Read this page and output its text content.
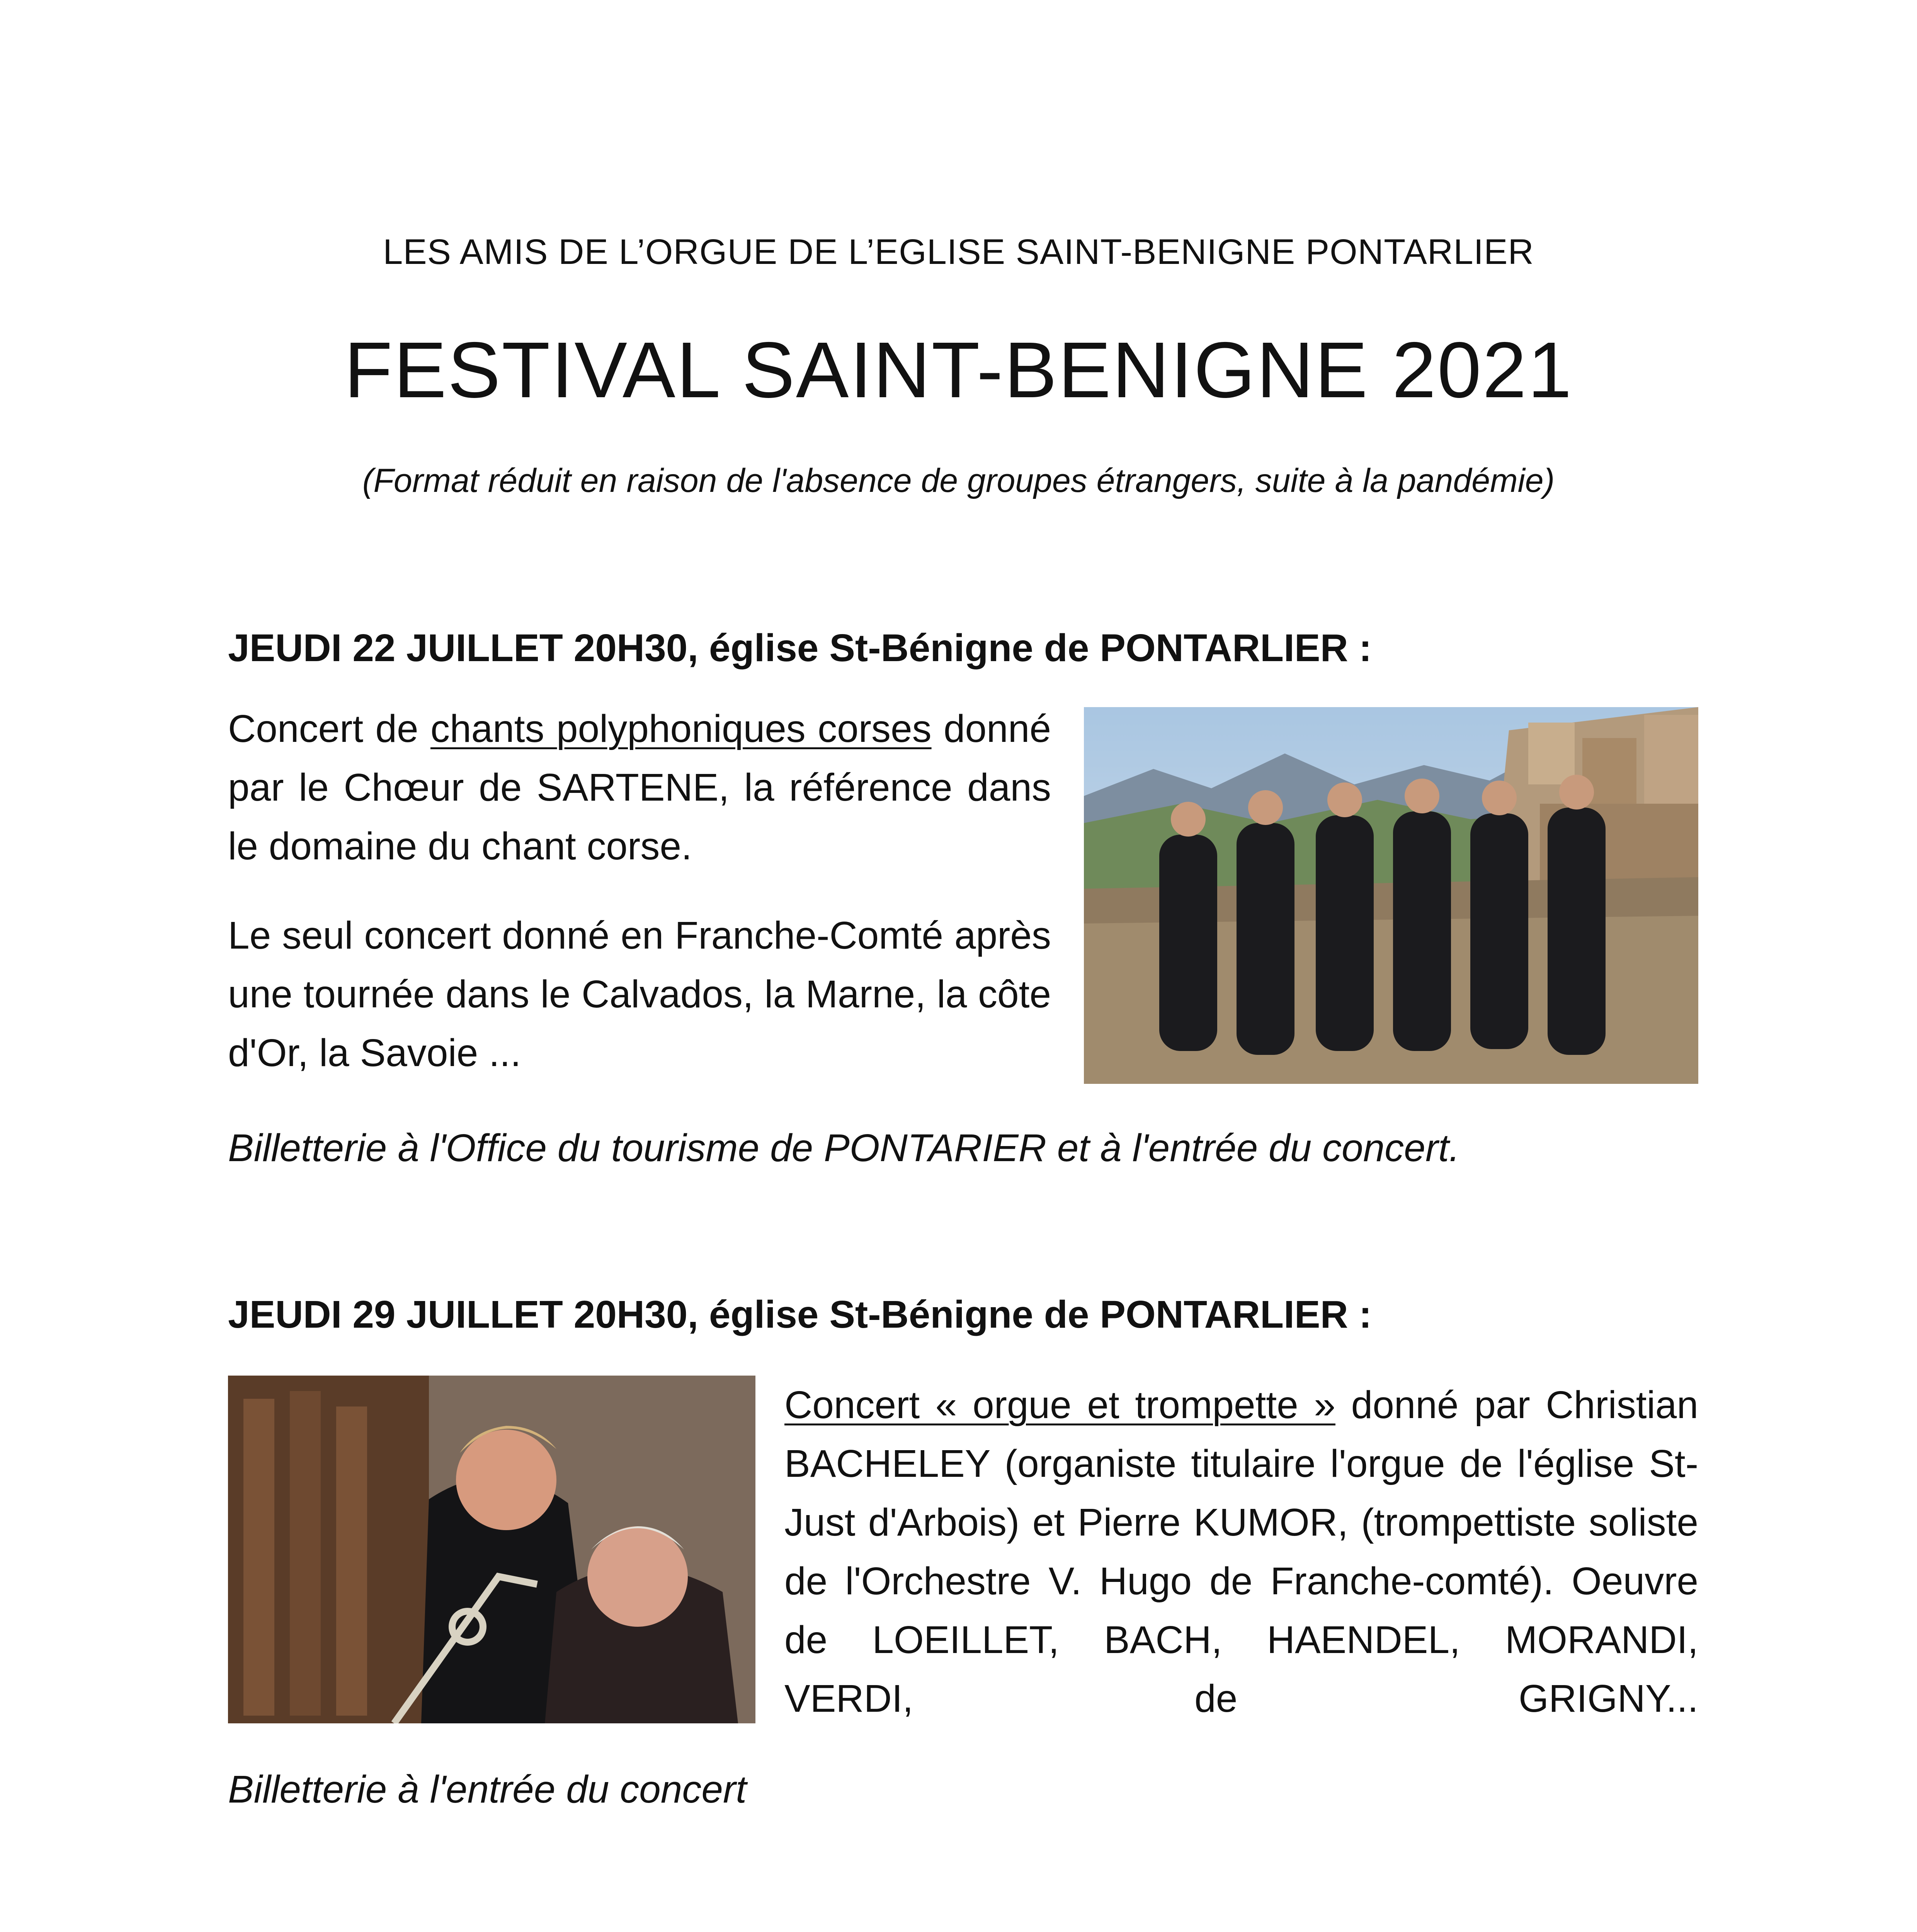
LES AMIS DE L’ORGUE DE L’EGLISE SAINT-BENIGNE PONTARLIER
FESTIVAL SAINT-BENIGNE 2021
(Format réduit en raison de l'absence de groupes étrangers, suite à la pandémie)
JEUDI 22 JUILLET 20H30, église St-Bénigne de PONTARLIER :
Concert de chants polyphoniques corses donné par le Chœur de SARTENE, la référence dans le domaine du chant corse.
Le seul concert donné en Franche-Comté après une tournée dans le Calvados, la Marne, la côte d'Or, la Savoie ...
Billetterie à l'Office du tourisme de PONTARIER et à l'entrée du concert.
JEUDI 29 JUILLET 20H30, église St-Bénigne de PONTARLIER :
Concert « orgue et trompette » donné par Christian BACHELEY (organiste titulaire l'orgue de l'église St-Just d'Arbois) et Pierre KUMOR, (trompettiste soliste de l'Orchestre V. Hugo de Franche-comté). Oeuvre de LOEILLET, BACH, HAENDEL, MORANDI, VERDI, de GRIGNY...
Billetterie à l'entrée du concert
